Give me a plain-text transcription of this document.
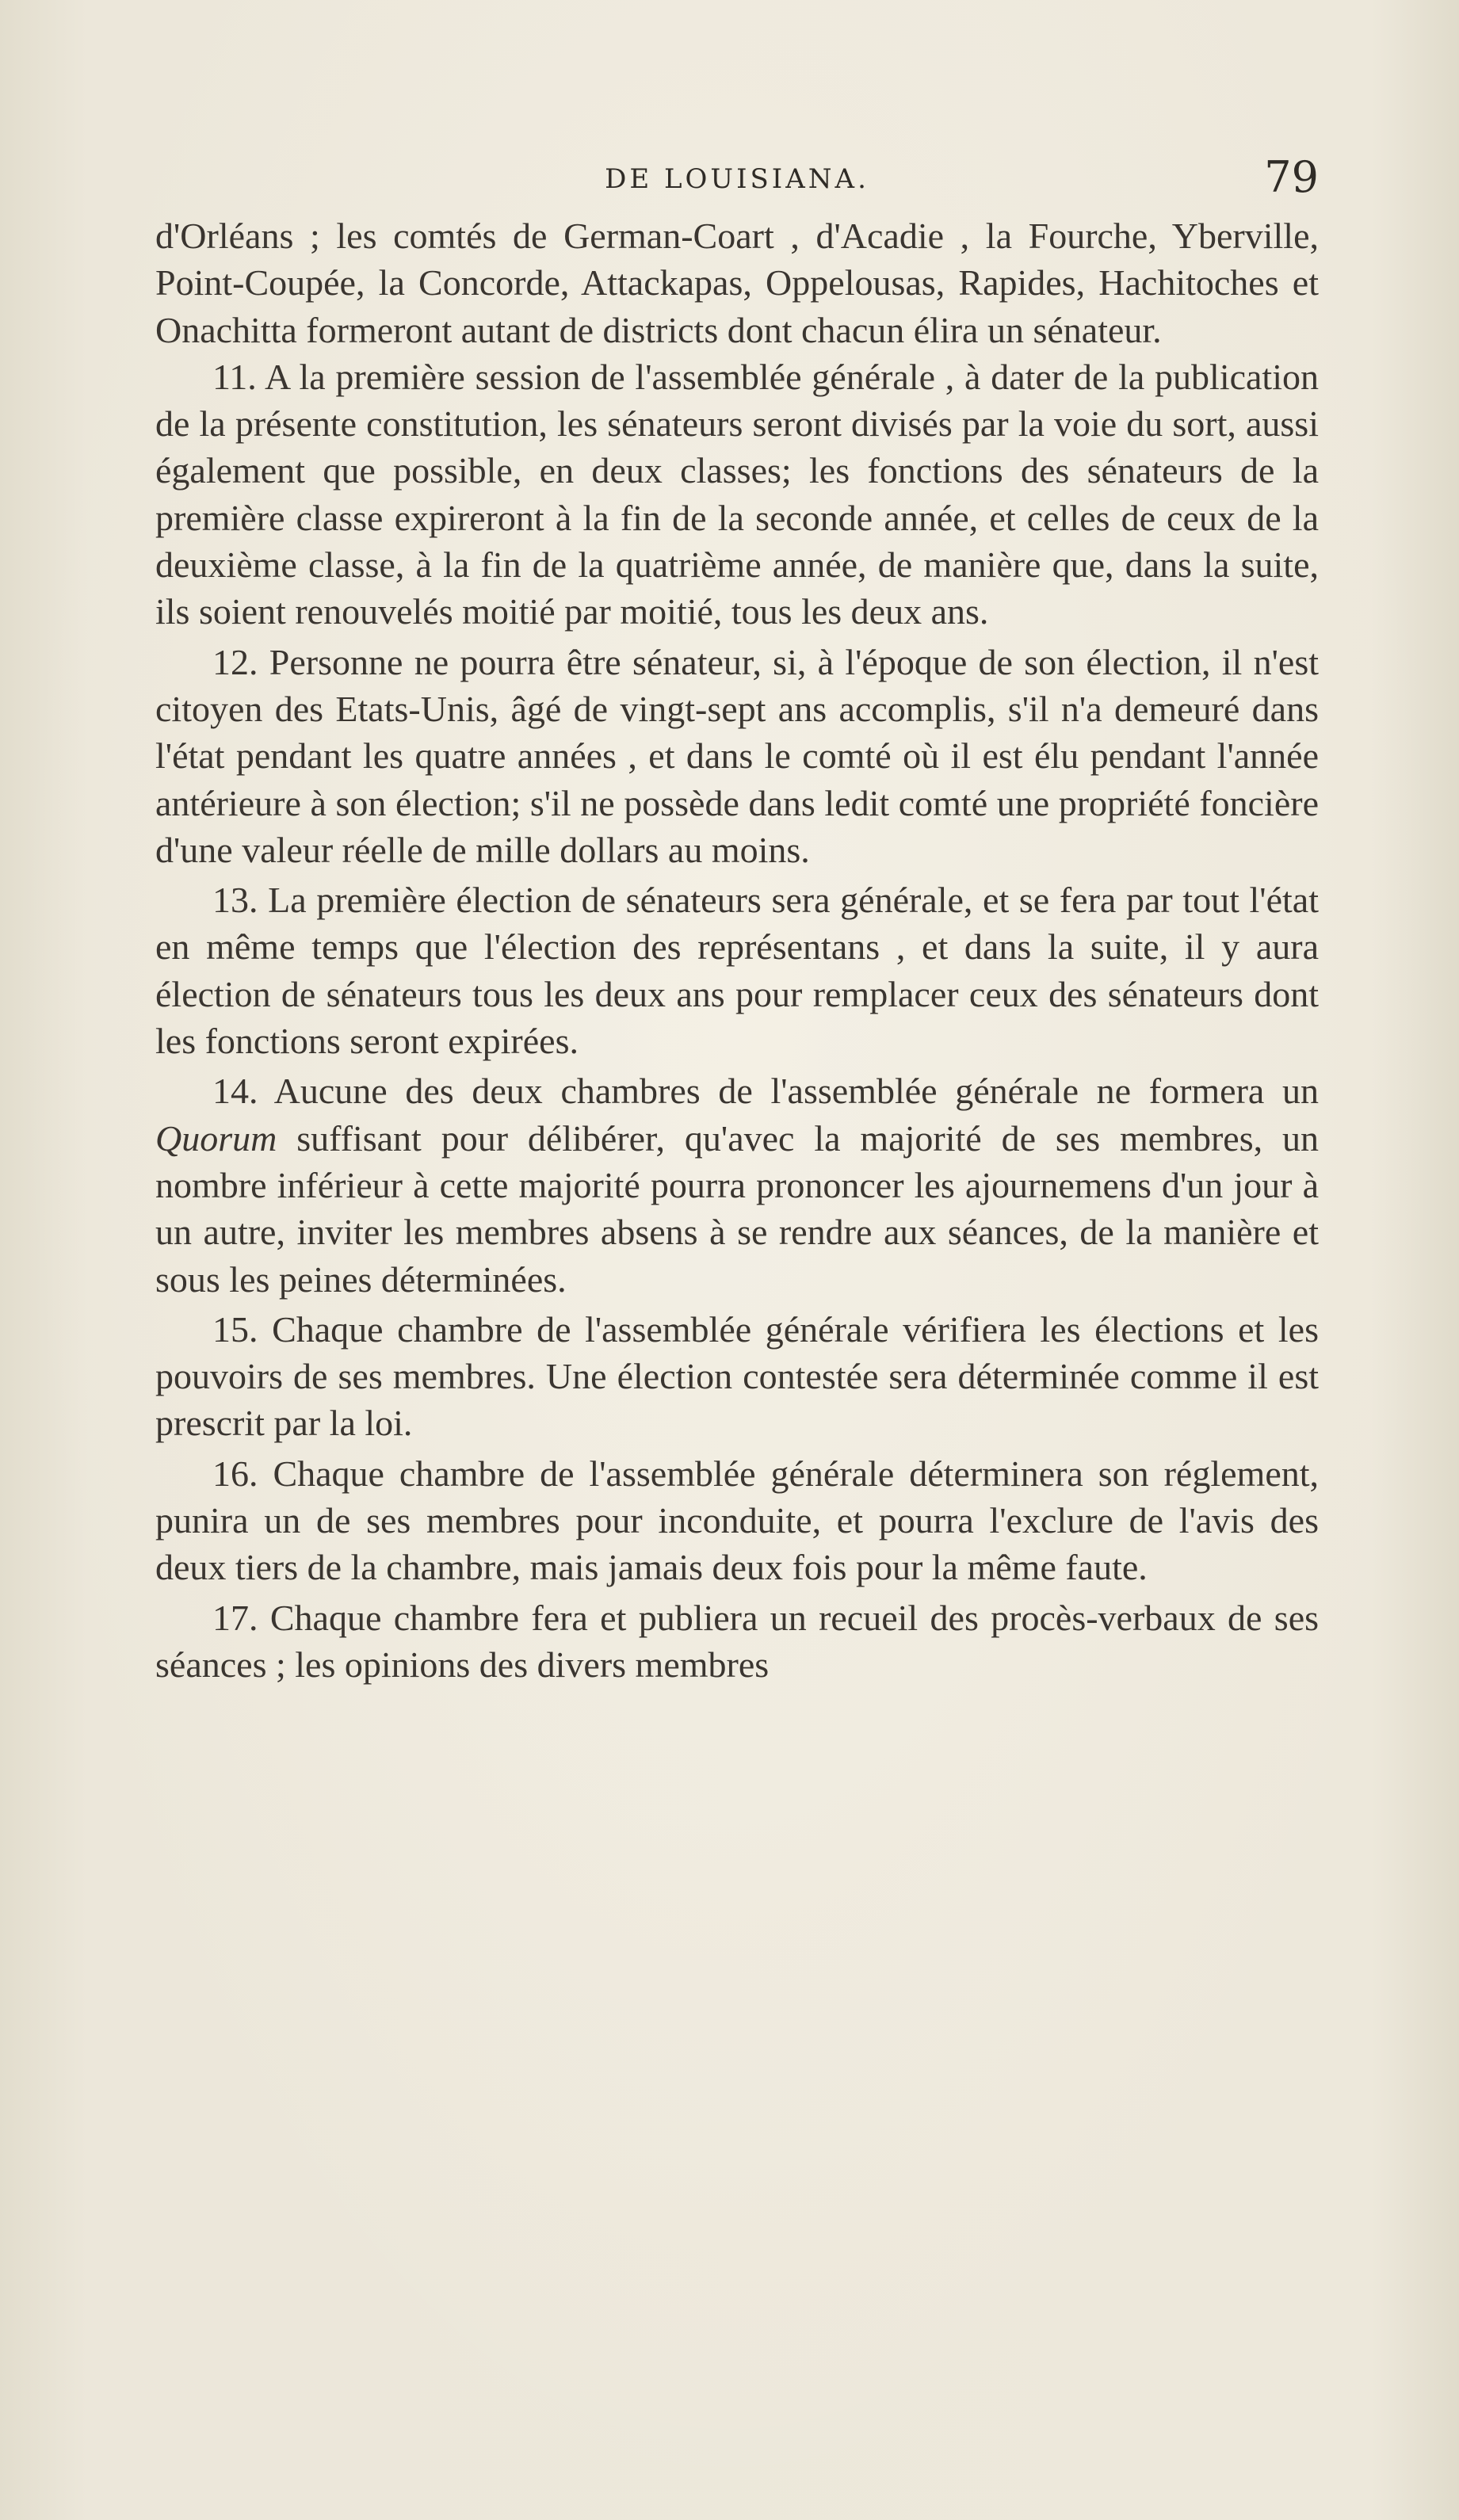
DE LOUISIANA.	79

d'Orléans ; les comtés de German-Coart , d'Acadie , la Fourche, Yberville, Point-Coupée, la Concorde, Attackapas, Oppelousas, Rapides, Hachitoches et Onachitta formeront autant de districts dont chacun élira un sénateur.

11. A la première session de l'assemblée générale , à dater de la publication de la présente constitution, les sénateurs seront divisés par la voie du sort, aussi également que possible, en deux classes; les fonctions des sénateurs de la première classe expireront à la fin de la seconde année, et celles de ceux de la deuxième classe, à la fin de la quatrième année, de manière que, dans la suite, ils soient renouvelés moitié par moitié, tous les deux ans.

12. Personne ne pourra être sénateur, si, à l'époque de son élection, il n'est citoyen des Etats-Unis, âgé de vingt-sept ans accomplis, s'il n'a demeuré dans l'état pendant les quatre années , et dans le comté où il est élu pendant l'année antérieure à son élection; s'il ne possède dans ledit comté une propriété foncière d'une valeur réelle de mille dollars au moins.

13. La première élection de sénateurs sera générale, et se fera par tout l'état en même temps que l'élection des représentans , et dans la suite, il y aura élection de sénateurs tous les deux ans pour remplacer ceux des sénateurs dont les fonctions seront expirées.

14. Aucune des deux chambres de l'assemblée générale ne formera un Quorum suffisant pour délibérer, qu'avec la majorité de ses membres, un nombre inférieur à cette majorité pourra prononcer les ajournemens d'un jour à un autre, inviter les membres absens à se rendre aux séances, de la manière et sous les peines déterminées.

15. Chaque chambre de l'assemblée générale vérifiera les élections et les pouvoirs de ses membres. Une élection contestée sera déterminée comme il est prescrit par la loi.

16. Chaque chambre de l'assemblée générale déterminera son réglement, punira un de ses membres pour inconduite, et pourra l'exclure de l'avis des deux tiers de la chambre, mais jamais deux fois pour la même faute.

17. Chaque chambre fera et publiera un recueil des procès-verbaux de ses séances ; les opinions des divers membres
